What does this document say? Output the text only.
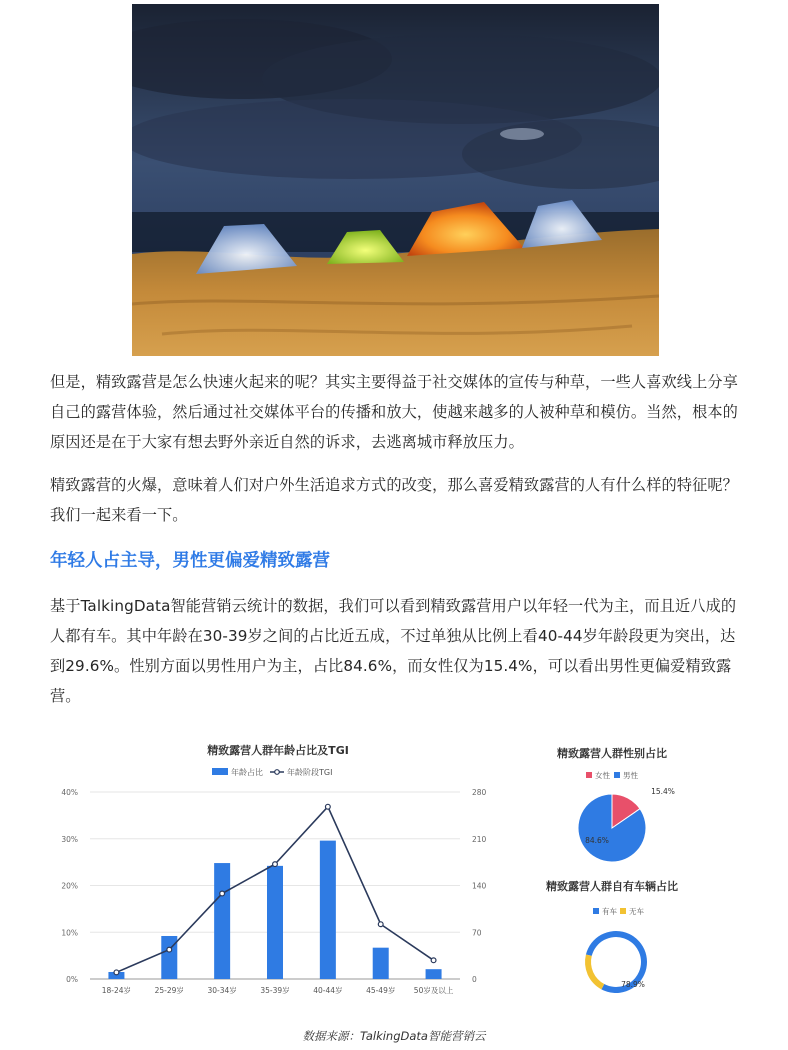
但是，精致露营是怎么快速火起来的呢？其实主要得益于社交媒体的宣传与种草，一些人喜欢线上分享自己的露营体验，然后通过社交媒体平台的传播和放大，使越来越多的人被种草和模仿。当然，根本的原因还是在于大家有想去野外亲近自然的诉求，去逃离城市释放压力。

精致露营的火爆，意味着人们对户外生活追求方式的改变，那么喜爱精致露营的人有什么样的特征呢？我们一起来看一下。

年轻人占主导，男性更偏爱精致露营

基于TalkingData智能营销云统计的数据，我们可以看到精致露营用户以年轻一代为主，而且近八成的人都有车。其中年龄在30-39岁之间的占比近五成，不过单独从比例上看40-44岁年龄段更为突出，达到29.6%。性别方面以男性用户为主，占比84.6%，而女性仅为15.4%，可以看出男性更偏爱精致露营。

精致露营人群年龄占比及TGI
年龄占比	年龄阶段TGI
0%
10%
20%
30%
40%
0
70
140
210
280
18-24岁	25-29岁	30-34岁	35-39岁	40-44岁	45-49岁 50岁及以上
精致露营人群性别占比
女性 男性
15.4%
84.6%
精致露营人群自有车辆占比
有车 无车
78.9%
数据来源：TalkingData智能营销云
